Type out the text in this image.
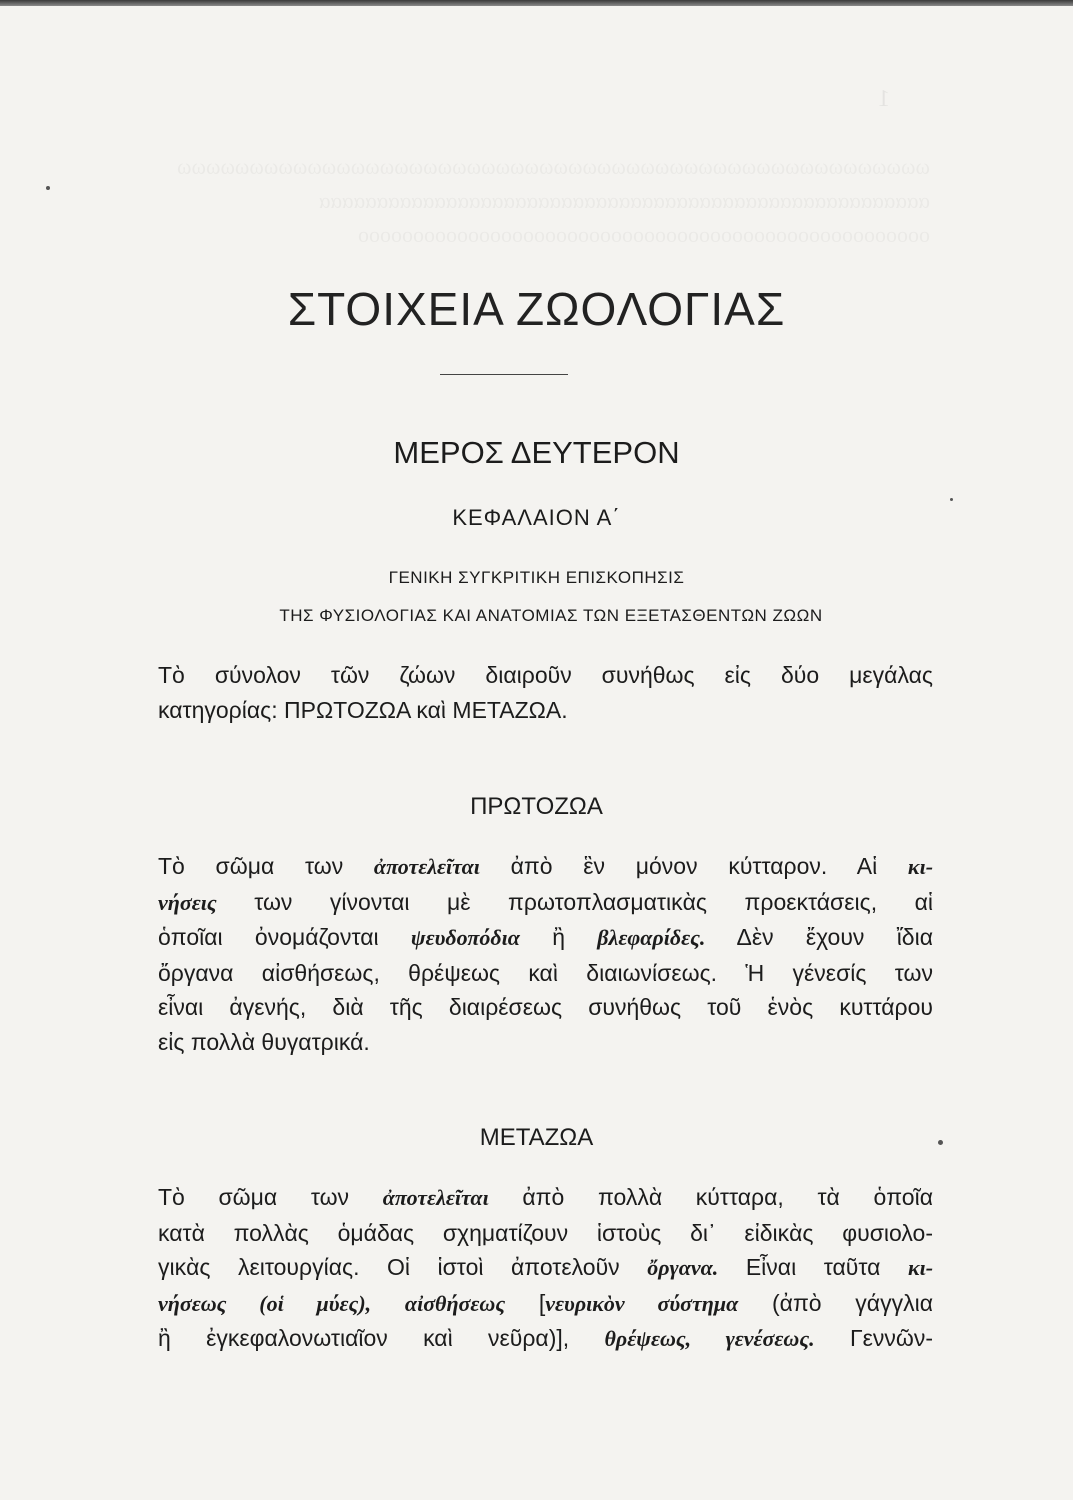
1
ΣΤΟΙΧΕΙΑ ΖΩΟΛΟΓΙΑΣ
ΜΕΡΟΣ ΔΕΥΤΕΡΟΝ
ΚΕΦΑΛΑΙΟΝ Α΄
ΓΕΝΙΚΗ ΣΥΓΚΡΙΤΙΚΗ ΕΠΙΣΚΟΠΗΣΙΣ
ΤΗΣ ΦΥΣΙΟΛΟΓΙΑΣ ΚΑΙ ΑΝΑΤΟΜΙΑΣ ΤΩΝ ΕΞΕΤΑΣΘΕΝΤΩΝ ΖΩΩΝ
Τὸ σύνολον τῶν ζώων διαιροῦν συνήθως εἰς δύο μεγάλας
κατηγορίας: ΠΡΩΤΟΖΩΑ καὶ ΜΕΤΑΖΩΑ.
ΠΡΩΤΟΖΩΑ
Τὸ σῶμα των ἀποτελεῖται ἀπὸ ἓν μόνον κύτταρον. Αἱ κι-
νήσεις των γίνονται μὲ πρωτοπλασματικὰς προεκτάσεις, αἱ
ὁποῖαι ὀνομάζονται ψευδοπόδια ἢ βλεφαρίδες. Δὲν ἔχουν ἴδια
ὄργανα αἰσθήσεως, θρέψεως καὶ διαιωνίσεως. Ἡ γένεσίς των
εἶναι ἀγενής, διὰ τῆς διαιρέσεως συνήθως τοῦ ἑνὸς κυττάρου
εἰς πολλὰ θυγατρικά.
ΜΕΤΑΖΩΑ
Τὸ σῶμα των ἀποτελεῖται ἀπὸ πολλὰ κύτταρα, τὰ ὁποῖα
κατὰ πολλὰς ὁμάδας σχηματίζουν ἱστοὺς δι᾽ εἰδικὰς φυσιολο-
γικὰς λειτουργίας. Οἱ ἱστοὶ ἀποτελοῦν ὄργανα. Εἶναι ταῦτα κι-
νήσεως (οἱ μύες), αἰσθήσεως [νευρικὸν σύστημα (ἀπὸ γάγγλια
ἢ ἐγκεφαλονωτιαῖον καὶ νεῦρα)], θρέψεως, γενέσεως. Γεννῶν-
